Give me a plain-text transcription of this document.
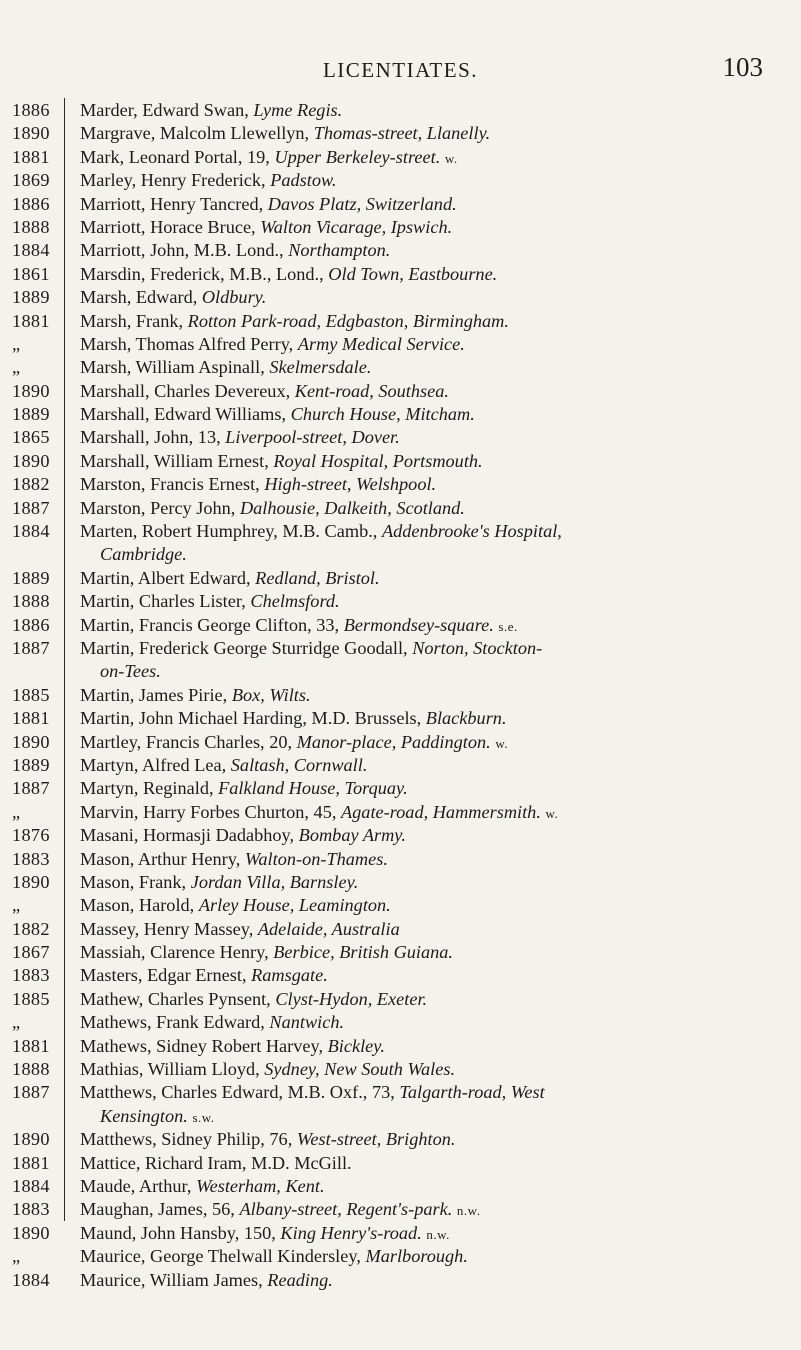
LICENTIATES.	103
1886	Marder, Edward Swan, Lyme Regis.
1890	Margrave, Malcolm Llewellyn, Thomas-street, Llanelly.
1881	Mark, Leonard Portal, 19, Upper Berkeley-street. w.
1869	Marley, Henry Frederick, Padstow.
1886	Marriott, Henry Tancred, Davos Platz, Switzerland.
1888	Marriott, Horace Bruce, Walton Vicarage, Ipswich.
1884	Marriott, John, M.B. Lond., Northampton.
1861	Marsdin, Frederick, M.B., Lond., Old Town, Eastbourne.
1889	Marsh, Edward, Oldbury.
1881	Marsh, Frank, Rotton Park-road, Edgbaston, Birmingham.
„	Marsh, Thomas Alfred Perry, Army Medical Service.
„	Marsh, William Aspinall, Skelmersdale.
1890	Marshall, Charles Devereux, Kent-road, Southsea.
1889	Marshall, Edward Williams, Church House, Mitcham.
1865	Marshall, John, 13, Liverpool-street, Dover.
1890	Marshall, William Ernest, Royal Hospital, Portsmouth.
1882	Marston, Francis Ernest, High-street, Welshpool.
1887	Marston, Percy John, Dalhousie, Dalkeith, Scotland.
1884	Marten, Robert Humphrey, M.B. Camb., Addenbrooke's Hospital,
Cambridge.
1889	Martin, Albert Edward, Redland, Bristol.
1888	Martin, Charles Lister, Chelmsford.
1886	Martin, Francis George Clifton, 33, Bermondsey-square. s.e.
1887	Martin, Frederick George Sturridge Goodall, Norton, Stockton-
on-Tees.
1885	Martin, James Pirie, Box, Wilts.
1881	Martin, John Michael Harding, M.D. Brussels, Blackburn.
1890	Martley, Francis Charles, 20, Manor-place, Paddington. w.
1889	Martyn, Alfred Lea, Saltash, Cornwall.
1887	Martyn, Reginald, Falkland House, Torquay.
„	Marvin, Harry Forbes Churton, 45, Agate-road, Hammersmith. w.
1876	Masani, Hormasji Dadabhoy, Bombay Army.
1883	Mason, Arthur Henry, Walton-on-Thames.
1890	Mason, Frank, Jordan Villa, Barnsley.
„	Mason, Harold, Arley House, Leamington.
1882	Massey, Henry Massey, Adelaide, Australia
1867	Massiah, Clarence Henry, Berbice, British Guiana.
1883	Masters, Edgar Ernest, Ramsgate.
1885	Mathew, Charles Pynsent, Clyst-Hydon, Exeter.
„	Mathews, Frank Edward, Nantwich.
1881	Mathews, Sidney Robert Harvey, Bickley.
1888	Mathias, William Lloyd, Sydney, New South Wales.
1887	Matthews, Charles Edward, M.B. Oxf., 73, Talgarth-road, West
Kensington. s.w.
1890	Matthews, Sidney Philip, 76, West-street, Brighton.
1881	Mattice, Richard Iram, M.D. McGill.
1884	Maude, Arthur, Westerham, Kent.
1883	Maughan, James, 56, Albany-street, Regent's-park. n.w.
1890	Maund, John Hansby, 150, King Henry's-road. n.w.
„	Maurice, George Thelwall Kindersley, Marlborough.
1884	Maurice, William James, Reading.
